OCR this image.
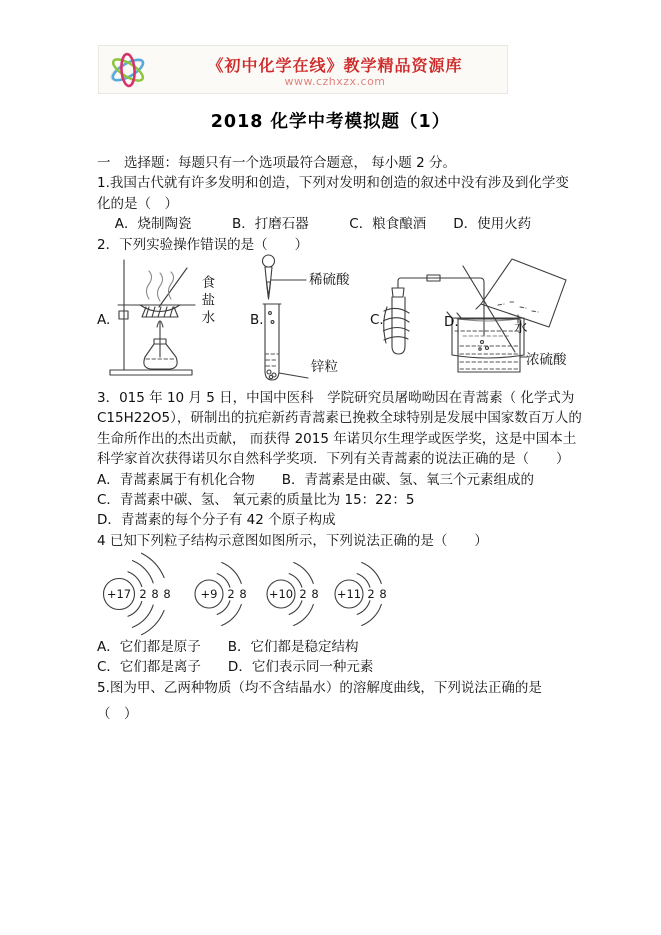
《初中化学在线》教学精品资源库
www.czhxzx.com
2018 化学中考模拟题（1）
一　选择题：每题只有一个选项最符合题意， 每小题 2 分。
1.我国古代就有许多发明和创造，下列对发明和创造的叙述中没有涉及到化学变
化的是（　）
　 A．烧制陶瓷　　　B．打磨石器　　　C．粮食酿酒　　D．使用火药
2．下列实验操作错误的是（　　）
A.	食盐水	B.
稀硫酸
锌粒
C.	D.	水
浓硫酸
3．015 年 10 月 5 日，中国中医科　学院研究员屠呦呦因在青蒿素（ 化学式为
C15H22O5），研制出的抗疟新药青蒿素已挽救全球特别是发展中国家数百万人的
生命所作出的杰出贡献， 而获得 2015 年诺贝尔生理学或医学奖，这是中国本土
科学家首次获得诺贝尔自然科学奖项．下列有关青蒿素的说法正确的是（　　）
A．青蒿素属于有机化合物　　B．青蒿素是由碳、氢、氧三个元素组成的
C．青蒿素中碳、氢、 氧元素的质量比为 15：22：5
D．青蒿素的每个分子有 42 个原子构成
4 已知下列粒子结构示意图如图所示，下列说法正确的是（　　）
+17 2 8 8	+9 2 8 +10 2 8 +11 2 8
A．它们都是原子　　B．它们都是稳定结构
C．它们都是离子　　D．它们表示同一种元素
5.图为甲、乙两种物质（均不含结晶水）的溶解度曲线，下列说法正确的是
（　）
